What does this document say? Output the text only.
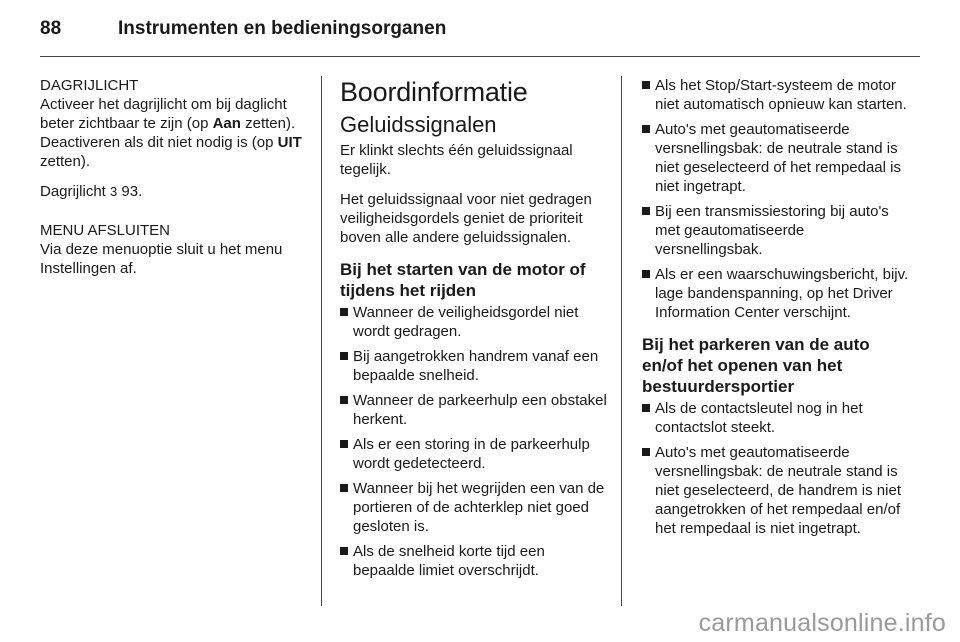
88	Instrumenten en bedieningsorganen

DAGRIJLICHT

Activeer het dagrijlicht om bij daglicht beter zichtbaar te zijn (op Aan zetten). Deactiveren als dit niet nodig is (op UIT zetten).

Dagrijlicht 3 93.

MENU AFSLUITEN

Via deze menuoptie sluit u het menu Instellingen af.

Boordinformatie
Geluidssignalen

Er klinkt slechts één geluidssignaal tegelijk.

Het geluidssignaal voor niet gedragen veiligheidsgordels geniet de prioriteit boven alle andere geluidssignalen.

Bij het starten van de motor of tijdens het rijden
Wanneer de veiligheidsgordel niet wordt gedragen.
Bij aangetrokken handrem vanaf een bepaalde snelheid.
Wanneer de parkeerhulp een obstakel herkent.
Als er een storing in de parkeerhulp wordt gedetecteerd.
Wanneer bij het wegrijden een van de portieren of de achterklep niet goed gesloten is.
Als de snelheid korte tijd een bepaalde limiet overschrijdt.
Als het Stop/Start-systeem de motor niet automatisch opnieuw kan starten.
Auto's met geautomatiseerde versnellingsbak: de neutrale stand is niet geselecteerd of het rempedaal is niet ingetrapt.
Bij een transmissiestoring bij auto's met geautomatiseerde versnellingsbak.
Als er een waarschuwingsbericht, bijv. lage bandenspanning, op het Driver Information Center verschijnt.
Bij het parkeren van de auto en/of het openen van het bestuurdersportier
Als de contactsleutel nog in het contactslot steekt.
Auto's met geautomatiseerde versnellingsbak: de neutrale stand is niet geselecteerd, de handrem is niet aangetrokken of het rempedaal en/of het rempedaal is niet ingetrapt.
carmanualsonline.info
